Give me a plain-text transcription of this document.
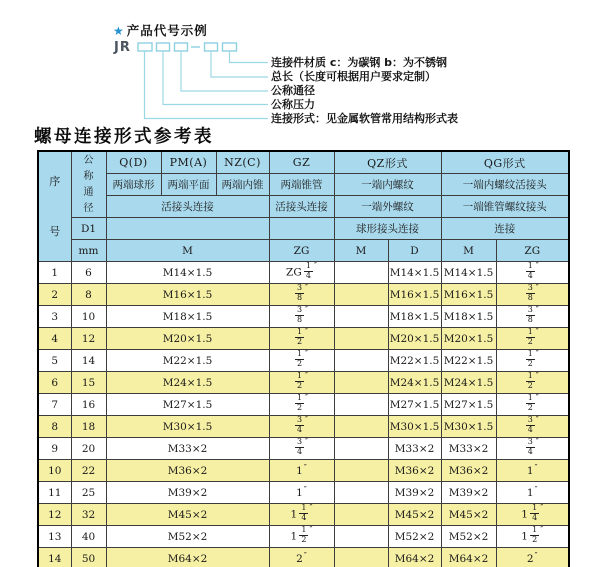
★ 产品代号示例
JR
连接件材质 c：为碳钢 b：为不锈钢
总长（长度可根据用户要求定制）
公称通径
公称压力
连接形式：见金属软管常用结构形式表
螺母连接形式参考表
序
号	公
称
通
径	Q(D)	PM(A)	NZ(C)	GZ	QZ形式		QG形式	
		两端球形	两端平面	两端内锥	两端锥管	一端内螺纹		一端内螺纹活接头	
		活接头连接			活接头连接	一端外螺纹		一端锥管螺纹接头	
	D1					球形接头连接		连接	
	mm	M			ZG	M	D	M	ZG
1	6	M14×1.5			ZG  $\frac{1}{4} ''$		M14×1.5	M14×1.5	$\frac{1}{4} ''$
2	8	M16×1.5			$\frac{3}{8} ''$		M16×1.5	M16×1.5	$\frac{3}{8} ''$
3	10	M18×1.5			$\frac{3}{8} ''$		M18×1.5	M18×1.5	$\frac{3}{8} ''$
4	12	M20×1.5			$\frac{1}{2} ''$		M20×1.5	M20×1.5	$\frac{1}{2} ''$
5	14	M22×1.5			$\frac{1}{2} ''$		M22×1.5	M22×1.5	$\frac{1}{2} ''$
6	15	M24×1.5			$\frac{1}{2} ''$		M24×1.5	M24×1.5	$\frac{1}{2} ''$
7	16	M27×1.5			$\frac{1}{2} ''$		M27×1.5	M27×1.5	$\frac{1}{2} ''$
8	18	M30×1.5			$\frac{3}{4} ''$		M30×1.5	M30×1.5	$\frac{3}{4} ''$
9	20	M33×2			$\frac{3}{4} ''$		M33×2	M33×2	$\frac{3}{4} ''$
10	22	M36×2			1″		M36×2	M36×2	1″
11	25	M39×2			1″		M39×2	M39×2	1″
12	32	M45×2			$1 \frac{1}{4} ''$		M45×2	M45×2	$1 \frac{1}{4} ''$
13	40	M52×2			$1 \frac{1}{2} ''$		M52×2	M52×2	$1 \frac{1}{2} ''$
14	50	M64×2			2″		M64×2	M64×2	2″
